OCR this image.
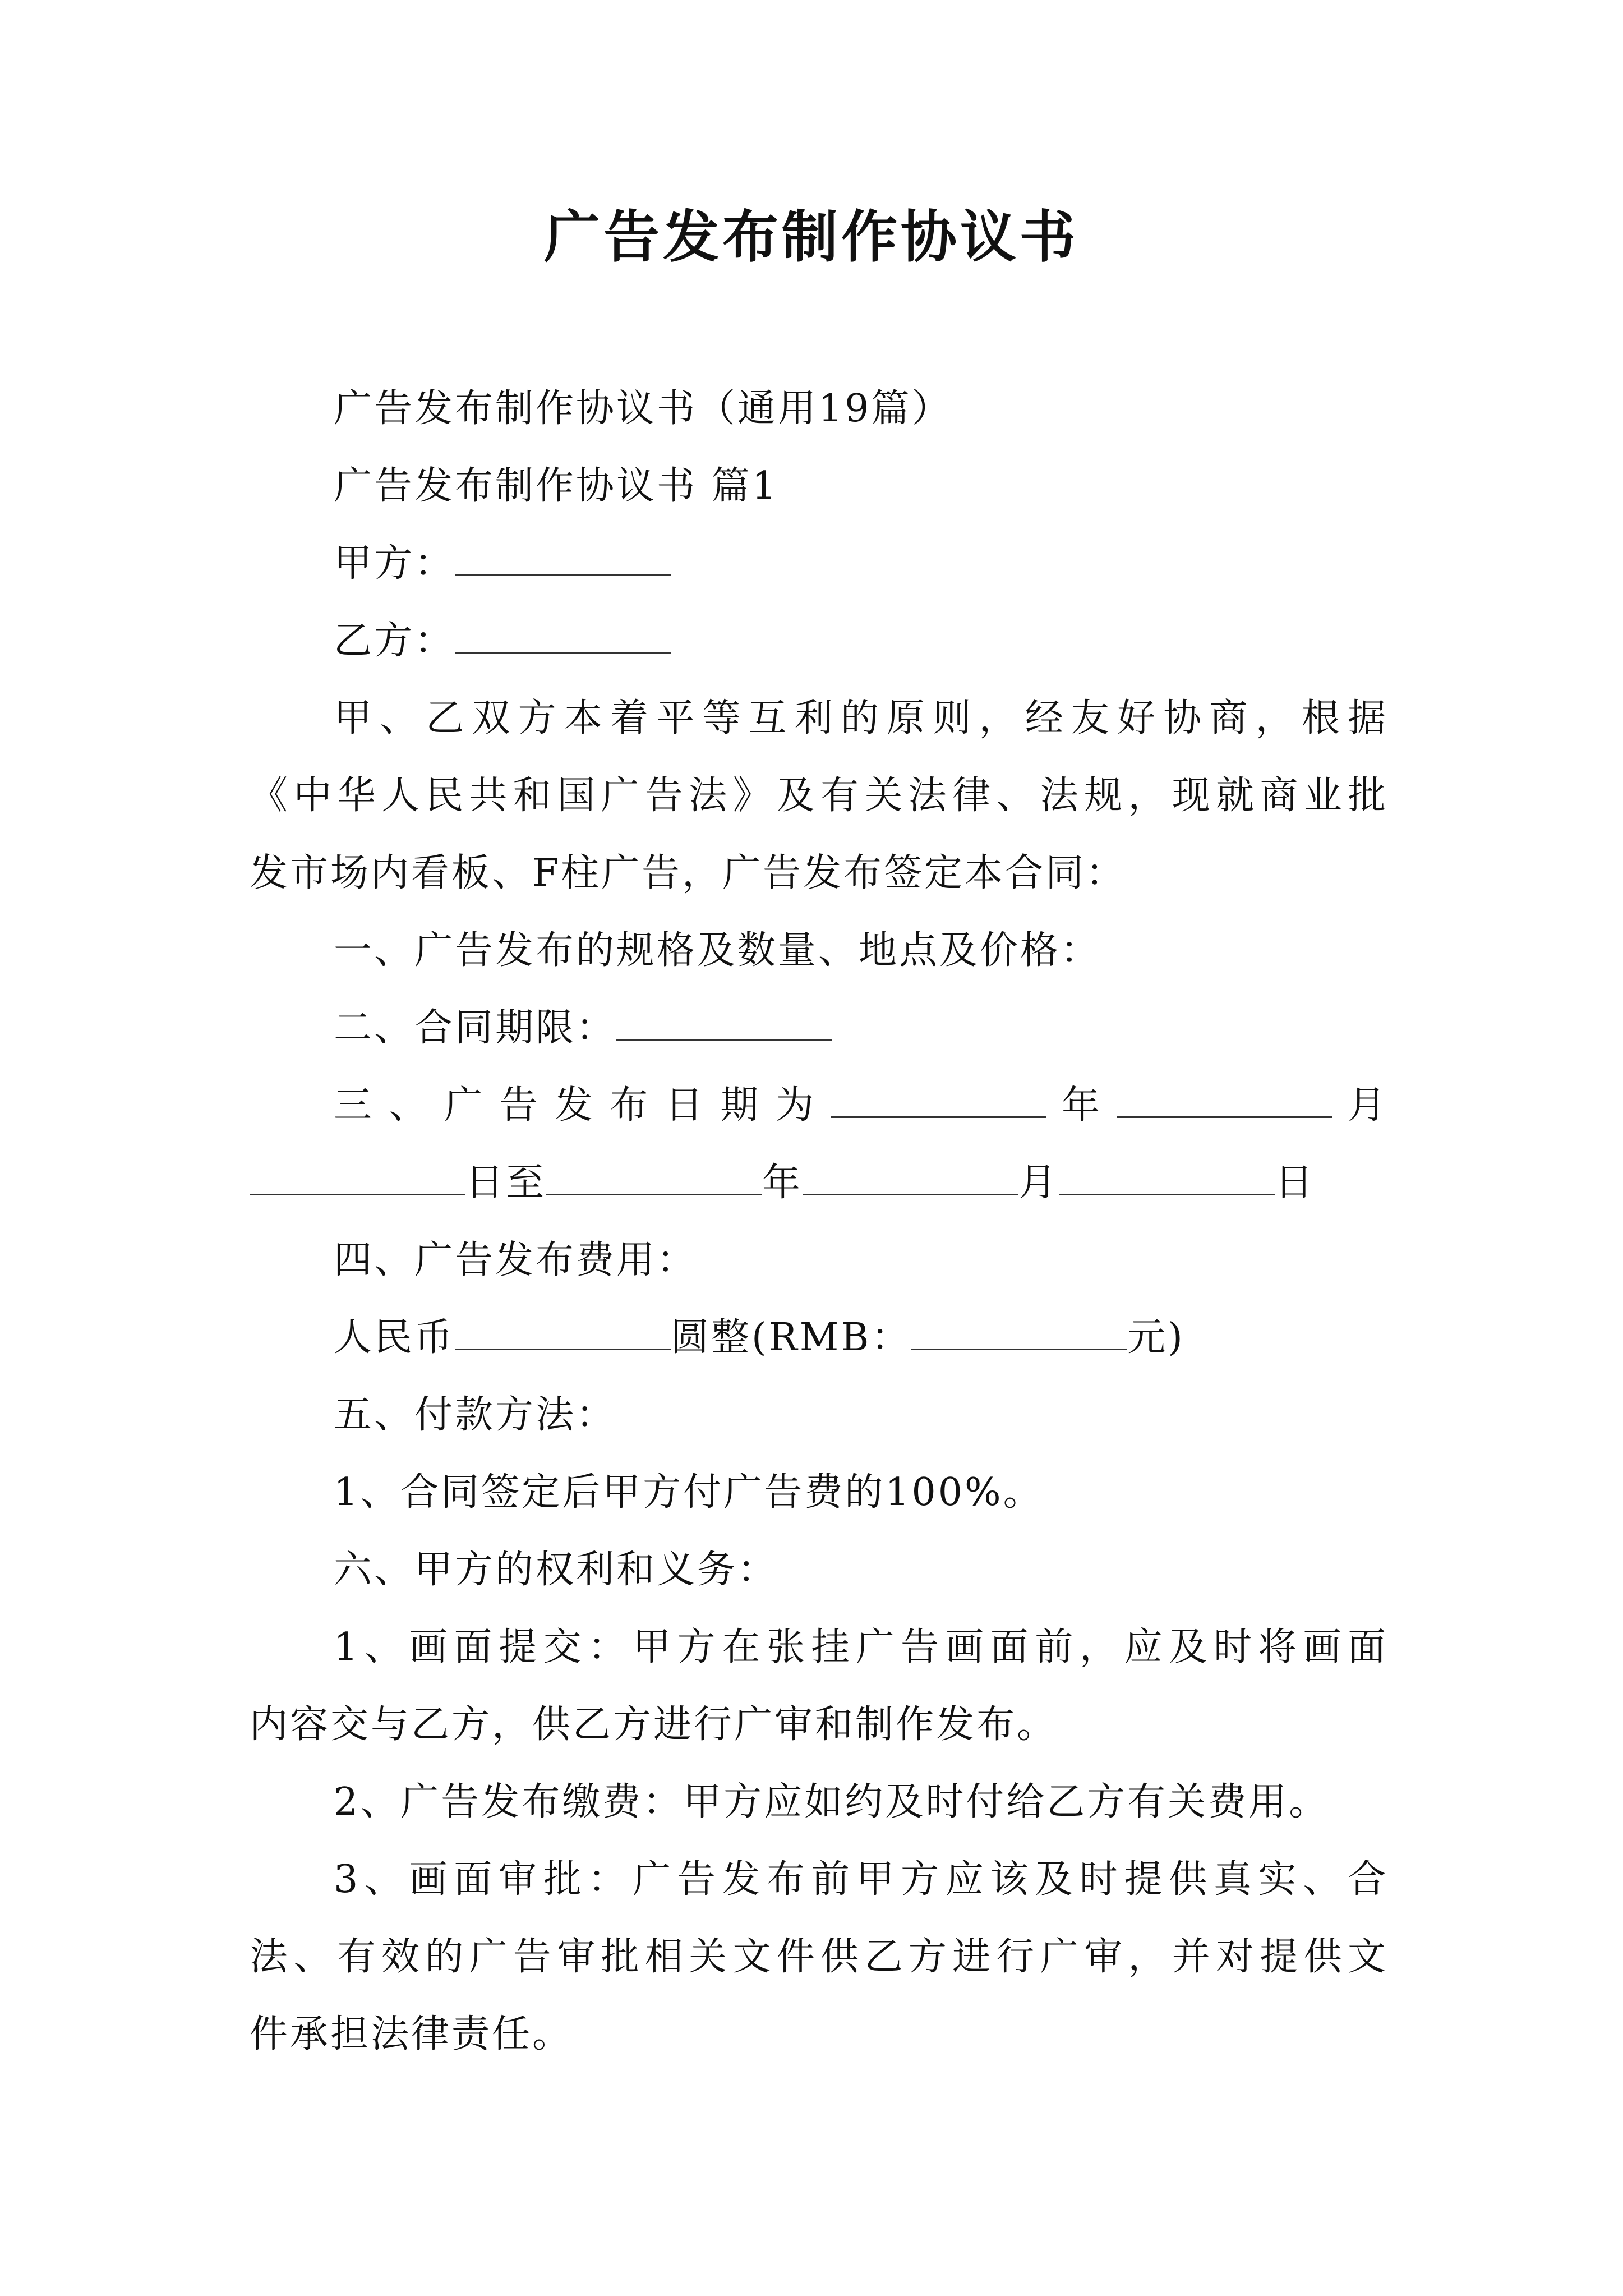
广告发布制作协议书

广告发布制作协议书（通用19篇）

广告发布制作协议书 篇1

甲方：

乙方：

甲、乙双方本着平等互利的原则，经友好协商，根据

《中华人民共和国广告法》及有关法律、法规，现就商业批

发市场内看板、F柱广告，广告发布签定本合同：

一、广告发布的规格及数量、地点及价格：

二、合同期限：

三、广告发布日期为	年	月

日至	年	月	日

四、广告发布费用：

人民币	圆整(RMB：	元)

五、付款方法：

1、合同签定后甲方付广告费的100%。

六、甲方的权利和义务：

1、画面提交：甲方在张挂广告画面前，应及时将画面

内容交与乙方，供乙方进行广审和制作发布。

2、广告发布缴费：甲方应如约及时付给乙方有关费用。

3、画面审批：广告发布前甲方应该及时提供真实、合

法、有效的广告审批相关文件供乙方进行广审，并对提供文

件承担法律责任。
